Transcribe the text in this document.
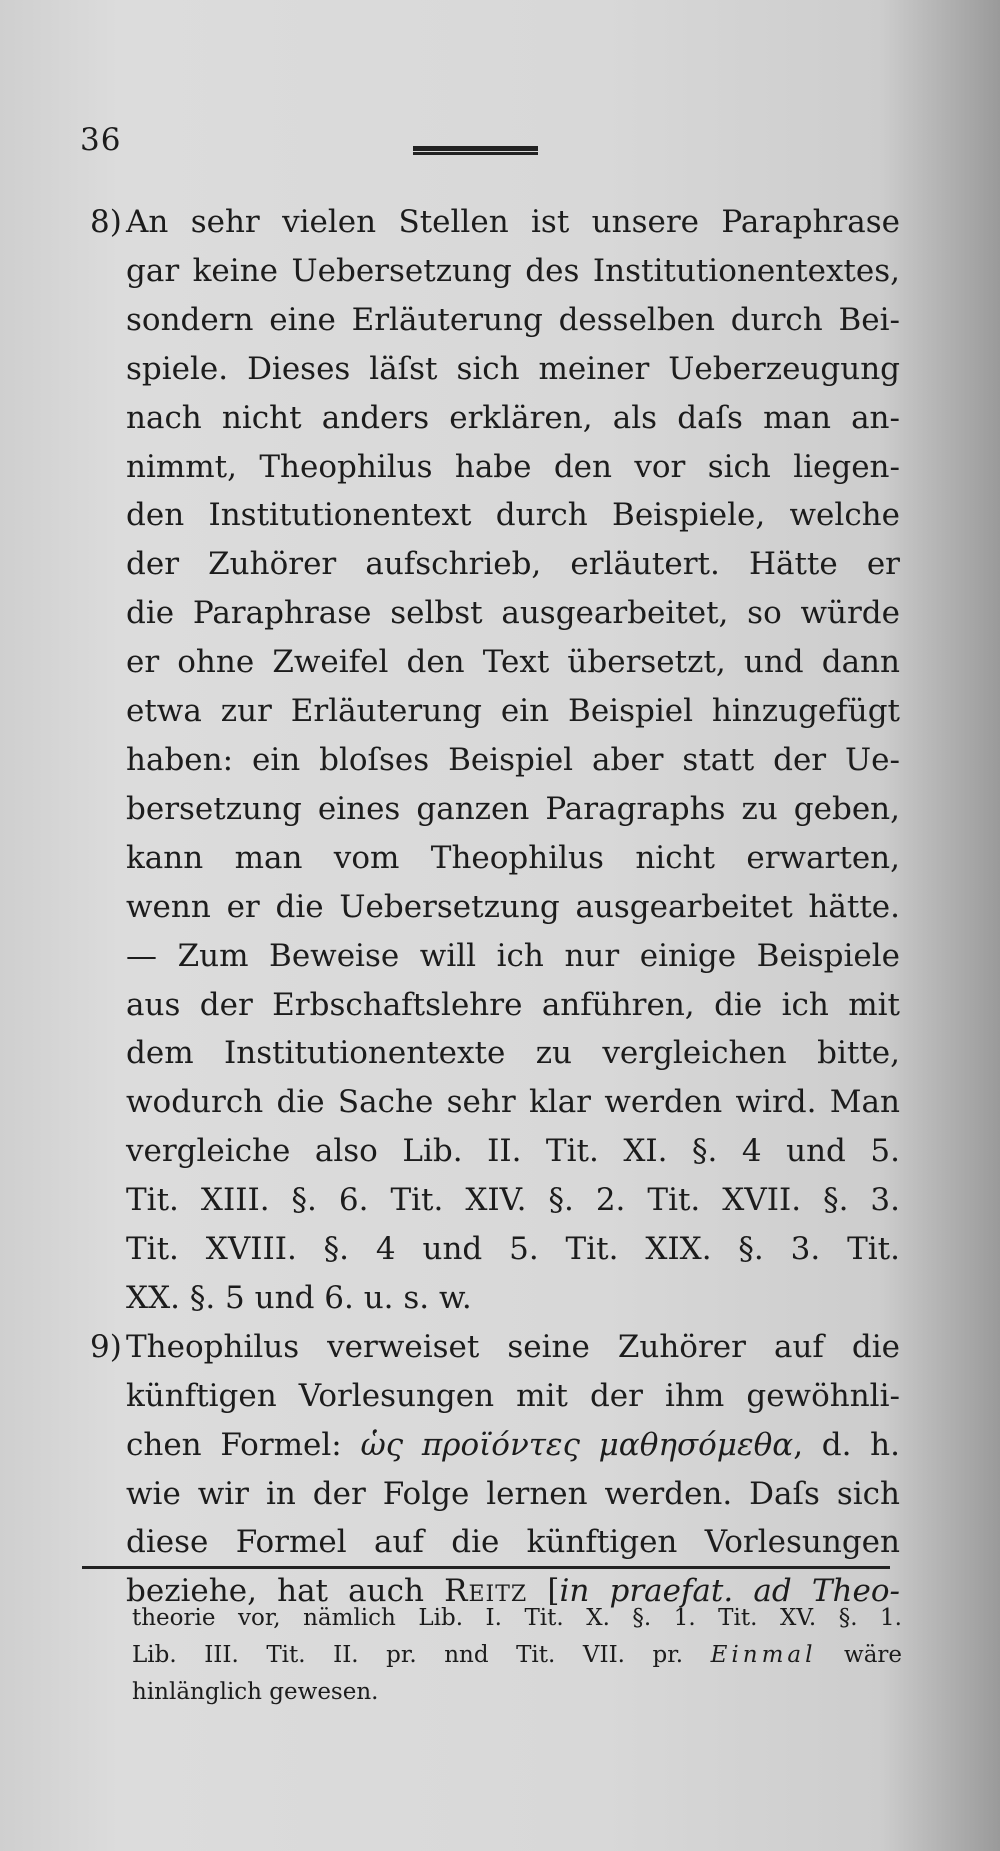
36
8) An sehr vielen Stellen ist unsere Paraphrase
gar keine Uebersetzung des Institutionentextes,
sondern eine Erläuterung desselben durch Bei-
spiele. Dieses läſst sich meiner Ueberzeugung
nach nicht anders erklären, als daſs man an-
nimmt, Theophilus habe den vor sich liegen-
den Institutionentext durch Beispiele, welche
der Zuhörer aufschrieb, erläutert. Hätte er
die Paraphrase selbst ausgearbeitet, so würde
er ohne Zweifel den Text übersetzt, und dann
etwa zur Erläuterung ein Beispiel hinzugefügt
haben: ein bloſses Beispiel aber statt der Ue-
bersetzung eines ganzen Paragraphs zu geben,
kann man vom Theophilus nicht erwarten,
wenn er die Uebersetzung ausgearbeitet hätte.
— Zum Beweise will ich nur einige Beispiele
aus der Erbschaftslehre anführen, die ich mit
dem Institutionentexte zu vergleichen bitte,
wodurch die Sache sehr klar werden wird. Man
vergleiche also Lib. II. Tit. XI. §. 4 und 5.
Tit. XIII. §. 6. Tit. XIV. §. 2. Tit. XVII. §. 3.
Tit. XVIII. §. 4 und 5. Tit. XIX. §. 3. Tit.
XX. §. 5 und 6. u. s. w.
9) Theophilus verweiset seine Zuhörer auf die
künftigen Vorlesungen mit der ihm gewöhnli-
chen Formel: ὡς προϊόντες μαθησόμεθα, d. h.
wie wir in der Folge lernen werden. Daſs sich
diese Formel auf die künftigen Vorlesungen
beziehe, hat auch Reitz [in praefat. ad Theo-
theorie vor, nämlich Lib. I. Tit. X. §. 1. Tit. XV. §. 1.
Lib. III. Tit. II. pr. nnd Tit. VII. pr. Einmal wäre
hinlänglich gewesen.
